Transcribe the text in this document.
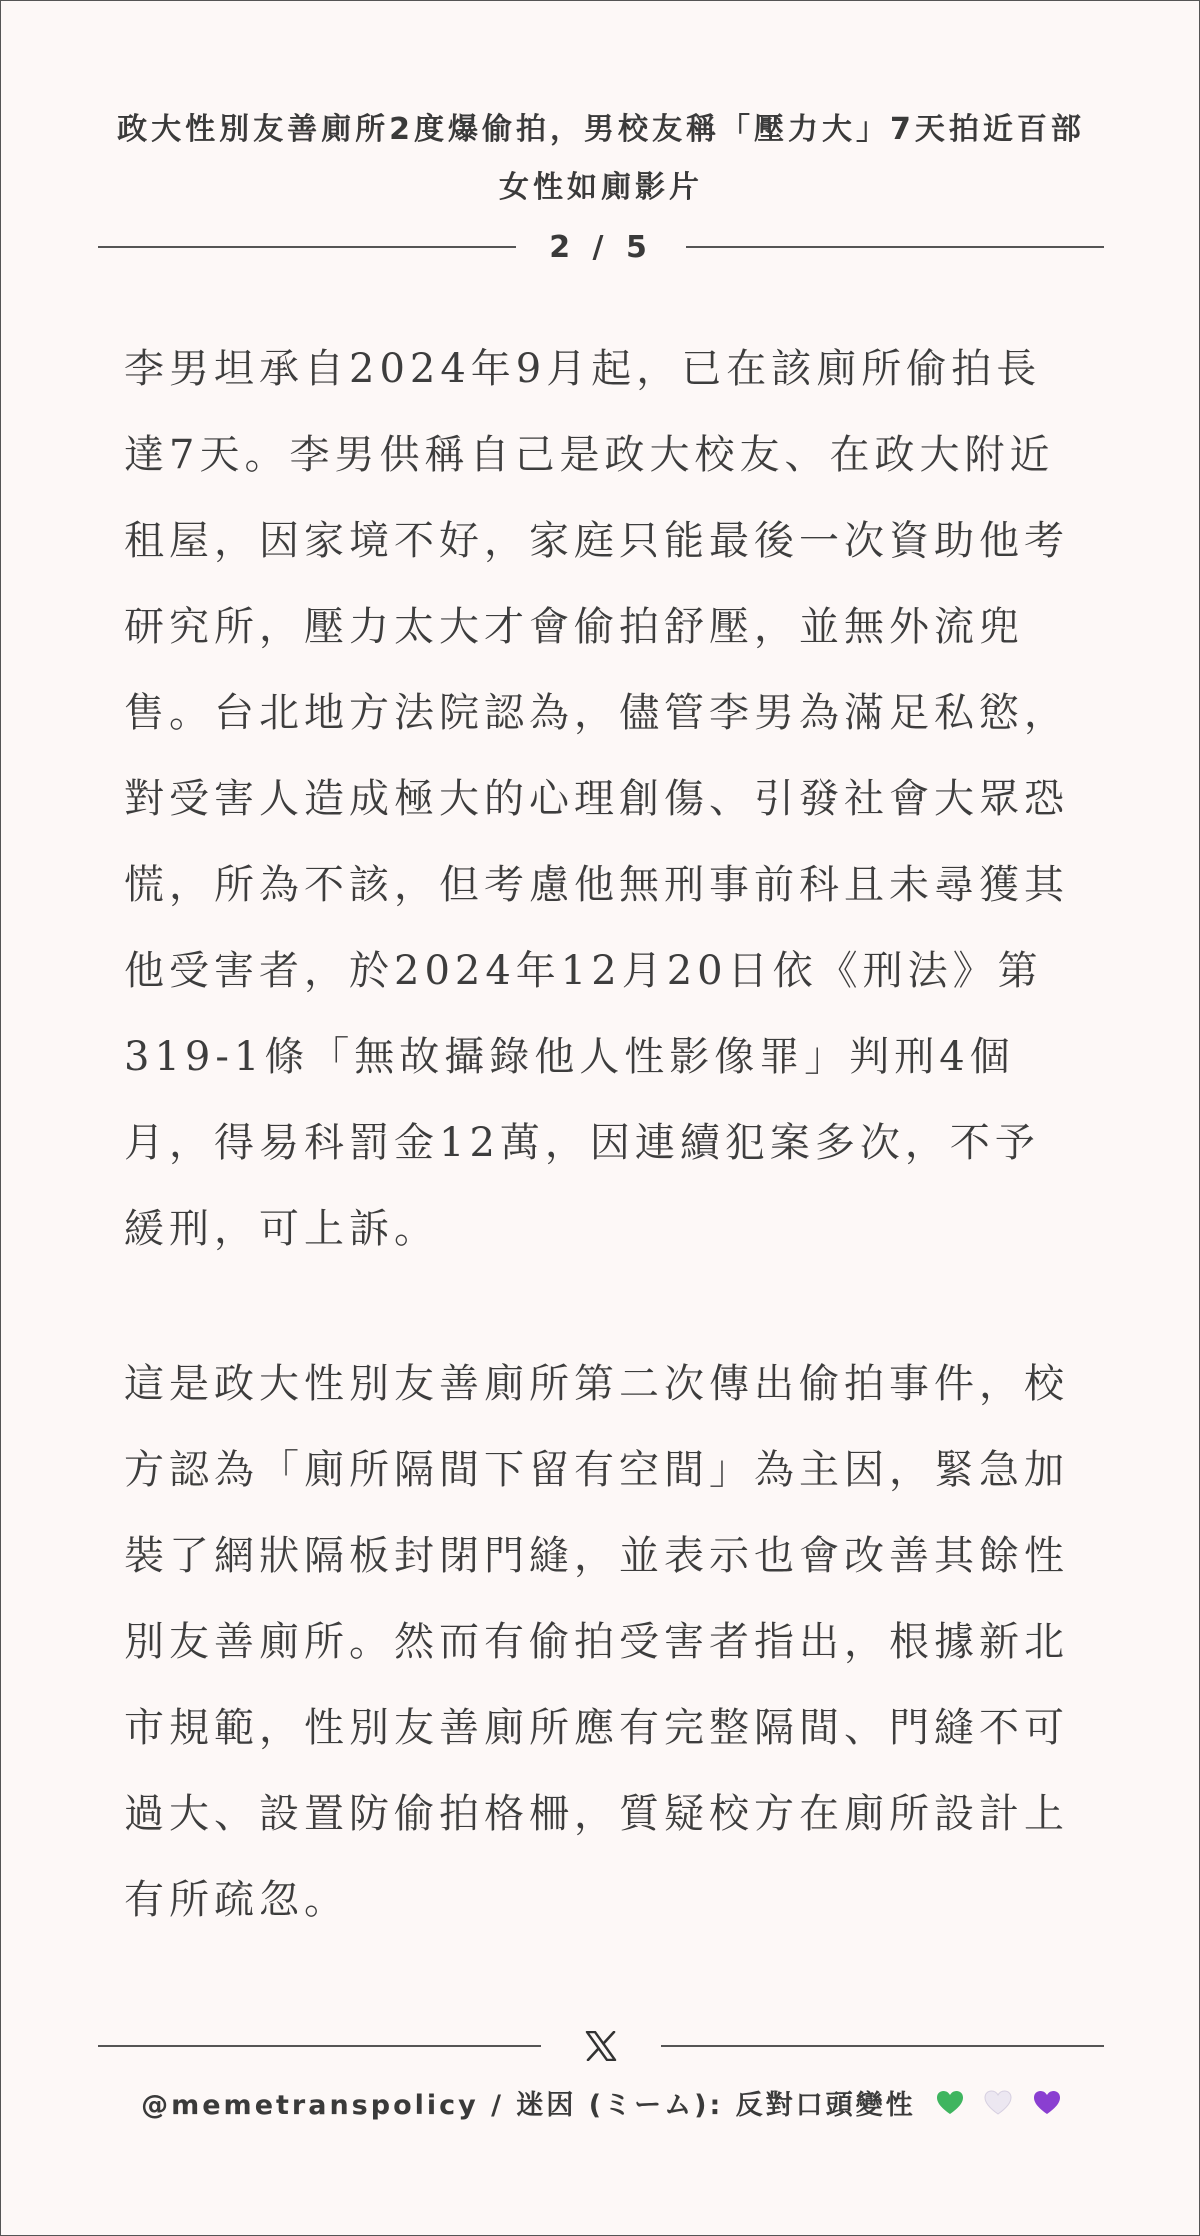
政大性別友善廁所2度爆偷拍，男校友稱「壓力大」7天拍近百部女性如廁影片
2 / 5

李男坦承自2024年9月起，已在該廁所偷拍長達7天。李男供稱自己是政大校友、在政大附近租屋，因家境不好，家庭只能最後一次資助他考研究所，壓力太大才會偷拍舒壓，並無外流兜售。台北地方法院認為，儘管李男為滿足私慾，對受害人造成極大的心理創傷、引發社會大眾恐慌，所為不該，但考慮他無刑事前科且未尋獲其他受害者，於2024年12月20日依《刑法》第319-1條「無故攝錄他人性影像罪」判刑4個月，得易科罰金12萬，因連續犯案多次，不予緩刑，可上訴。

這是政大性別友善廁所第二次傳出偷拍事件，校方認為「廁所隔間下留有空間」為主因，緊急加裝了網狀隔板封閉門縫，並表示也會改善其餘性別友善廁所。然而有偷拍受害者指出，根據新北市規範，性別友善廁所應有完整隔間、門縫不可過大、設置防偷拍格柵，質疑校方在廁所設計上有所疏忽。

@memetranspolicy / 迷因 (ミーム): 反對口頭變性
